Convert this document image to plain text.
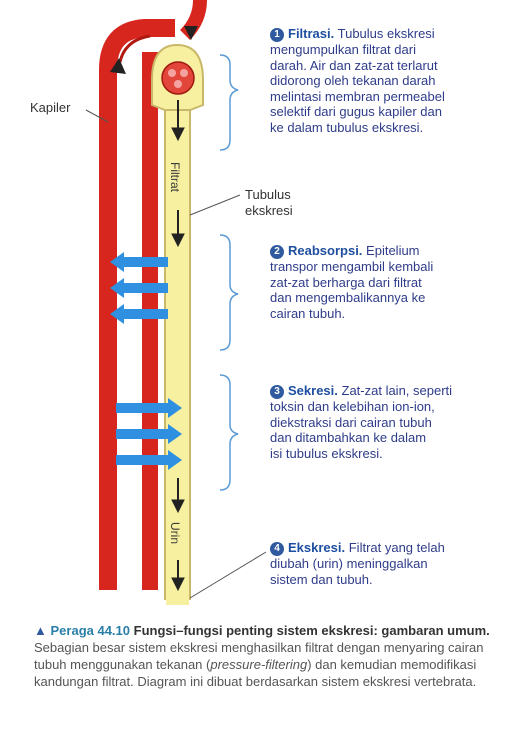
Kapiler
Tubulus
ekskresi
Filtrat
Urin
1 Filtrasi. Tubulus ekskresi
mengumpulkan filtrat dari
darah. Air dan zat-zat terlarut
didorong oleh tekanan darah
melintasi membran permeabel
selektif dari gugus kapiler dan
ke dalam tubulus ekskresi.
2 Reabsorpsi. Epitelium
transpor mengambil kembali
zat-zat berharga dari filtrat
dan mengembalikannya ke
cairan tubuh.
3 Sekresi. Zat-zat lain, seperti
toksin dan kelebihan ion-ion,
diekstraksi dari cairan tubuh
dan ditambahkan ke dalam
isi tubulus ekskresi.
4 Ekskresi. Filtrat yang telah
diubah (urin) meninggalkan
sistem dan tubuh.
▲ Peraga 44.10 Fungsi–fungsi penting sistem ekskresi: gambaran umum. Sebagian besar sistem ekskresi menghasilkan filtrat dengan menyaring cairan tubuh menggunakan tekanan (pressure-filtering) dan kemudian memodifikasi kandungan filtrat. Diagram ini dibuat berdasarkan sistem ekskresi vertebrata.
